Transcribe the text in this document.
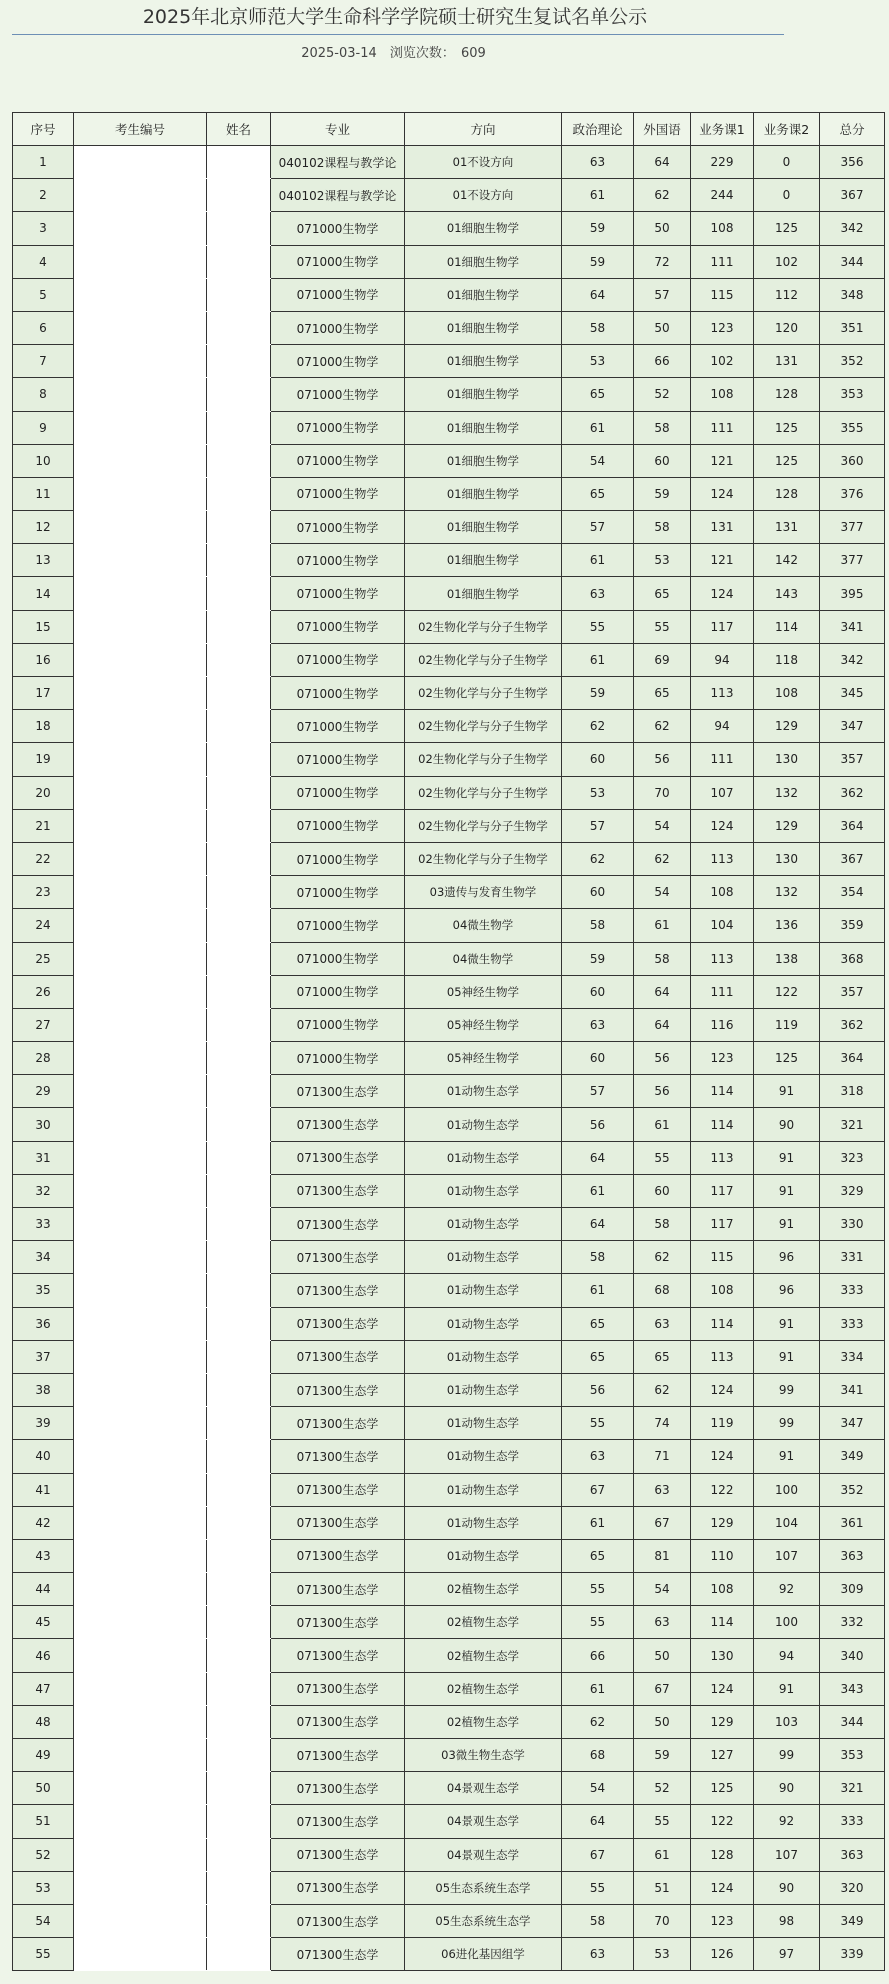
2025年北京师范大学生命科学学院硕士研究生复试名单公示
2025-03-14 浏览次数： 609
序号	考生编号	姓名	专业	方向	政治理论	外国语	业务课1	业务课2	总分
1			040102课程与教学论	01不设方向	63	64	229	0	356
2			040102课程与教学论	01不设方向	61	62	244	0	367
3			071000生物学	01细胞生物学	59	50	108	125	342
4			071000生物学	01细胞生物学	59	72	111	102	344
5			071000生物学	01细胞生物学	64	57	115	112	348
6			071000生物学	01细胞生物学	58	50	123	120	351
7			071000生物学	01细胞生物学	53	66	102	131	352
8			071000生物学	01细胞生物学	65	52	108	128	353
9			071000生物学	01细胞生物学	61	58	111	125	355
10			071000生物学	01细胞生物学	54	60	121	125	360
11			071000生物学	01细胞生物学	65	59	124	128	376
12			071000生物学	01细胞生物学	57	58	131	131	377
13			071000生物学	01细胞生物学	61	53	121	142	377
14			071000生物学	01细胞生物学	63	65	124	143	395
15			071000生物学	02生物化学与分子生物学	55	55	117	114	341
16			071000生物学	02生物化学与分子生物学	61	69	94	118	342
17			071000生物学	02生物化学与分子生物学	59	65	113	108	345
18			071000生物学	02生物化学与分子生物学	62	62	94	129	347
19			071000生物学	02生物化学与分子生物学	60	56	111	130	357
20			071000生物学	02生物化学与分子生物学	53	70	107	132	362
21			071000生物学	02生物化学与分子生物学	57	54	124	129	364
22			071000生物学	02生物化学与分子生物学	62	62	113	130	367
23			071000生物学	03遗传与发育生物学	60	54	108	132	354
24			071000生物学	04微生物学	58	61	104	136	359
25			071000生物学	04微生物学	59	58	113	138	368
26			071000生物学	05神经生物学	60	64	111	122	357
27			071000生物学	05神经生物学	63	64	116	119	362
28			071000生物学	05神经生物学	60	56	123	125	364
29			071300生态学	01动物生态学	57	56	114	91	318
30			071300生态学	01动物生态学	56	61	114	90	321
31			071300生态学	01动物生态学	64	55	113	91	323
32			071300生态学	01动物生态学	61	60	117	91	329
33			071300生态学	01动物生态学	64	58	117	91	330
34			071300生态学	01动物生态学	58	62	115	96	331
35			071300生态学	01动物生态学	61	68	108	96	333
36			071300生态学	01动物生态学	65	63	114	91	333
37			071300生态学	01动物生态学	65	65	113	91	334
38			071300生态学	01动物生态学	56	62	124	99	341
39			071300生态学	01动物生态学	55	74	119	99	347
40			071300生态学	01动物生态学	63	71	124	91	349
41			071300生态学	01动物生态学	67	63	122	100	352
42			071300生态学	01动物生态学	61	67	129	104	361
43			071300生态学	01动物生态学	65	81	110	107	363
44			071300生态学	02植物生态学	55	54	108	92	309
45			071300生态学	02植物生态学	55	63	114	100	332
46			071300生态学	02植物生态学	66	50	130	94	340
47			071300生态学	02植物生态学	61	67	124	91	343
48			071300生态学	02植物生态学	62	50	129	103	344
49			071300生态学	03微生物生态学	68	59	127	99	353
50			071300生态学	04景观生态学	54	52	125	90	321
51			071300生态学	04景观生态学	64	55	122	92	333
52			071300生态学	04景观生态学	67	61	128	107	363
53			071300生态学	05生态系统生态学	55	51	124	90	320
54			071300生态学	05生态系统生态学	58	70	123	98	349
55			071300生态学	06进化基因组学	63	53	126	97	339
